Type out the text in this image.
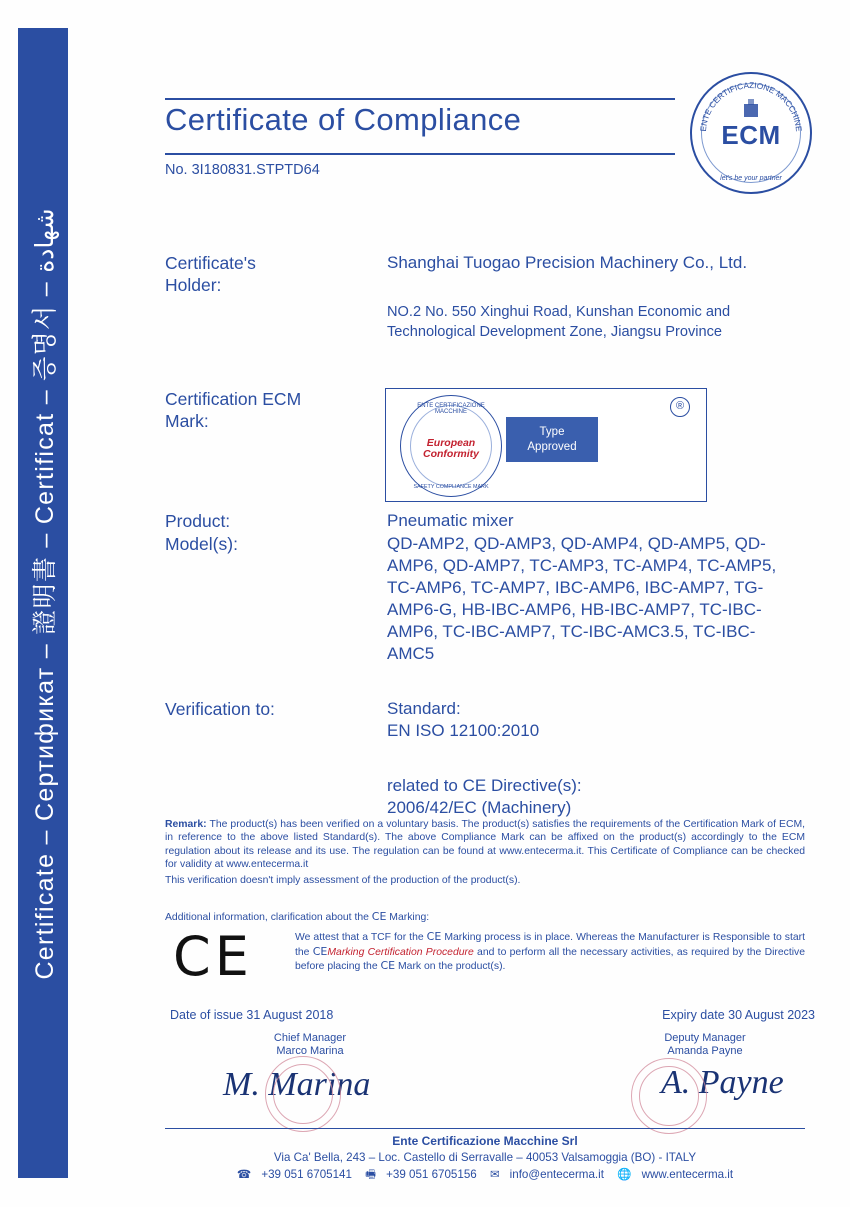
Certificate – Сертификат – 證明書 – Certificat – 증명서 – شهادة
Certificate of Compliance
No. 3I180831.STPTD64
ENTE CERTIFICAZIONE MACCHINE
ECM
let's be your partner
Certificate's
Holder:
Shanghai Tuogao Precision Machinery Co., Ltd.
NO.2 No. 550 Xinghui Road, Kunshan Economic and Technological Development Zone, Jiangsu Province
Certification ECM
Mark:
ENTE CERTIFICAZIONE MACCHINE
European
Conformity
SAFETY COMPLIANCE MARK
Type
Approved
®
Product:	Pneumatic mixer
Model(s):	QD-AMP2, QD-AMP3, QD-AMP4, QD-AMP5, QD-AMP6, QD-AMP7, TC-AMP3, TC-AMP4, TC-AMP5, TC-AMP6, TC-AMP7, IBC-AMP6, IBC-AMP7, TG-AMP6-G, HB-IBC-AMP6, HB-IBC-AMP7, TC-IBC-AMP6, TC-IBC-AMP7, TC-IBC-AMC3.5, TC-IBC-AMC5
Verification to:	Standard:
EN ISO 12100:2010
related to CE Directive(s):
2006/42/EC (Machinery)
Remark: The product(s) has been verified on a voluntary basis. The product(s) satisfies the requirements of the Certification Mark of ECM, in reference to the above listed Standard(s). The above Compliance Mark can be affixed on the product(s) accordingly to the ECM regulation about its release and its use. The regulation can be found at www.entecerma.it. This Certificate of Compliance can be checked for validity at www.entecerma.it
This verification doesn't imply assessment of the production of the product(s).
Additional information, clarification about the CE Marking:
CE	We attest that a TCF for the CE Marking process is in place. Whereas the Manufacturer is Responsible to start the CEMarking Certification Procedure and to perform all the necessary activities, as required by the Directive before placing the CE Mark on the product(s).
Date of issue 31 August 2018	Expiry date 30 August 2023
Chief Manager
Marco Marina
Deputy Manager
Amanda Payne
M. Marina	A. Payne
Ente Certificazione Macchine Srl
Via Ca' Bella, 243 – Loc. Castello di Serravalle – 40053 Valsamoggia (BO) - ITALY
☎ +39 051 6705141 🖷 +39 051 6705156 ✉ info@entecerma.it 🌐 www.entecerma.it
